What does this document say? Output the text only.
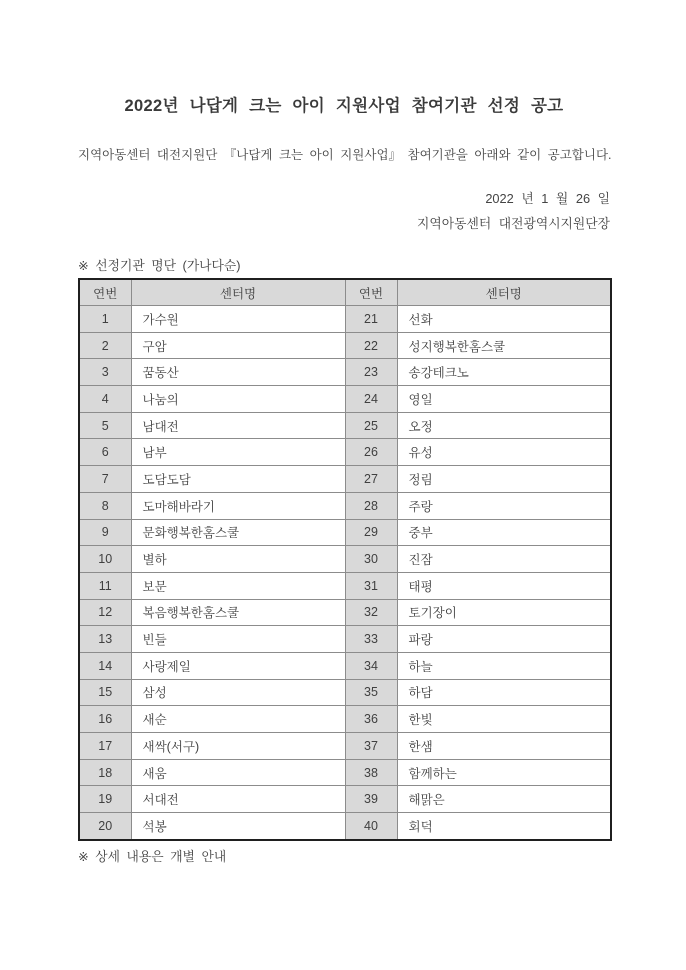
2022년 나답게 크는 아이 지원사업 참여기관 선정 공고
지역아동센터 대전지원단 『나답게 크는 아이 지원사업』 참여기관을 아래와 같이 공고합니다.
2022 년 1 월 26 일
지역아동센터 대전광역시지원단장
※ 선정기관 명단 (가나다순)
연번	센터명	연번	센터명
1	가수원	21	선화
2	구암	22	성지행복한홈스쿨
3	꿈동산	23	송강테크노
4	나눔의	24	영일
5	남대전	25	오정
6	남부	26	유성
7	도담도담	27	정림
8	도마해바라기	28	주랑
9	문화행복한홈스쿨	29	중부
10	별하	30	진잠
11	보문	31	태평
12	복음행복한홈스쿨	32	토기장이
13	빈들	33	파랑
14	사랑제일	34	하늘
15	삼성	35	하담
16	새순	36	한빛
17	새싹(서구)	37	한샘
18	새움	38	함께하는
19	서대전	39	해맑은
20	석봉	40	회덕
※ 상세 내용은 개별 안내
